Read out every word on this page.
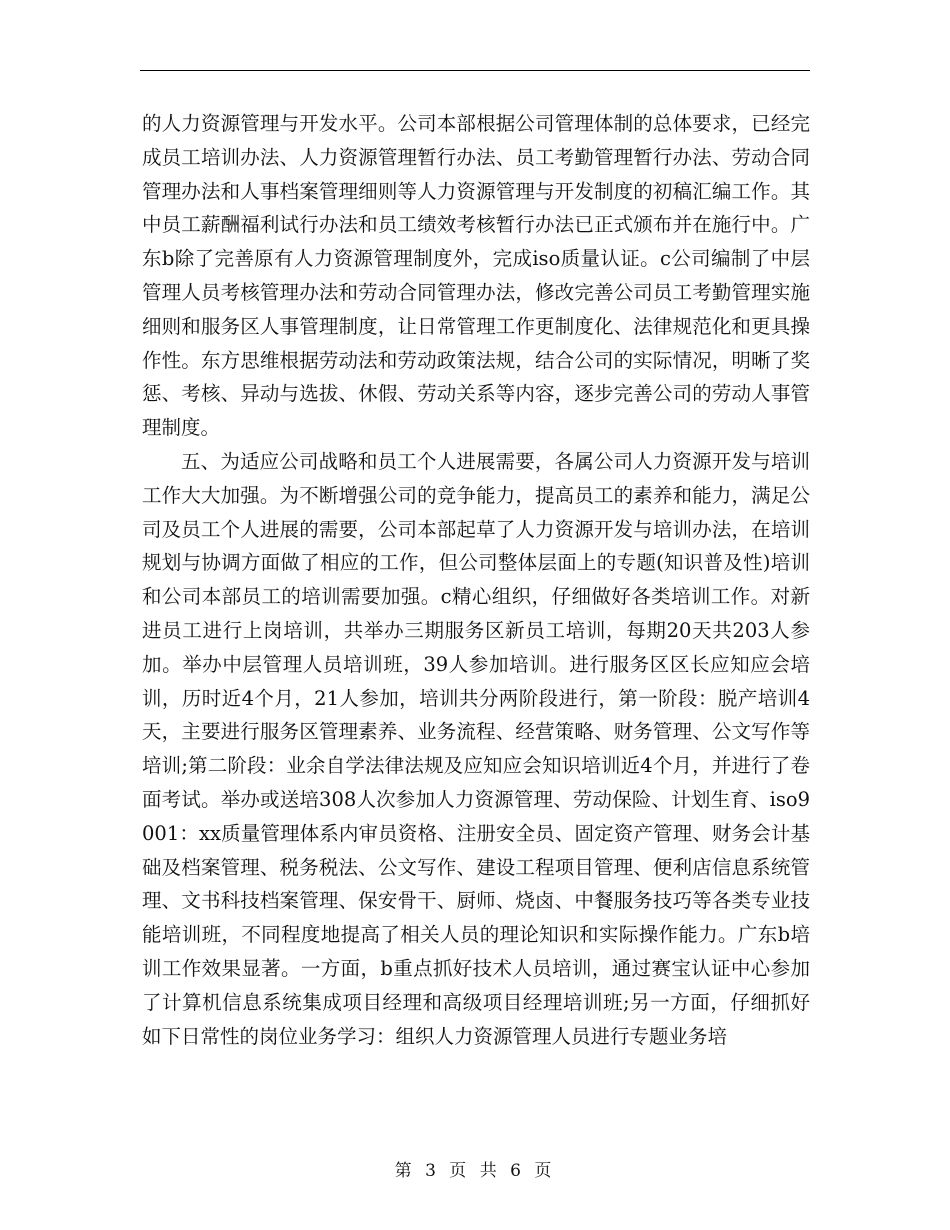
的人力资源管理与开发水平。公司本部根据公司管理体制的总体要求，已经完成员工培训办法、人力资源管理暂行办法、员工考勤管理暂行办法、劳动合同管理办法和人事档案管理细则等人力资源管理与开发制度的初稿汇编工作。其中员工薪酬福利试行办法和员工绩效考核暂行办法已正式颁布并在施行中。广东b除了完善原有人力资源管理制度外，完成iso质量认证。c公司编制了中层管理人员考核管理办法和劳动合同管理办法，修改完善公司员工考勤管理实施细则和服务区人事管理制度，让日常管理工作更制度化、法律规范化和更具操作性。东方思维根据劳动法和劳动政策法规，结合公司的实际情况，明晰了奖惩、考核、异动与选拔、休假、劳动关系等内容，逐步完善公司的劳动人事管理制度。

五、为适应公司战略和员工个人进展需要，各属公司人力资源开发与培训工作大大加强。为不断增强公司的竞争能力，提高员工的素养和能力，满足公司及员工个人进展的需要，公司本部起草了人力资源开发与培训办法，在培训规划与协调方面做了相应的工作，但公司整体层面上的专题(知识普及性)培训和公司本部员工的培训需要加强。c精心组织，仔细做好各类培训工作。对新进员工进行上岗培训，共举办三期服务区新员工培训，每期20天共203人参加。举办中层管理人员培训班，39人参加培训。进行服务区区长应知应会培训，历时近4个月，21人参加，培训共分两阶段进行，第一阶段：脱产培训4天，主要进行服务区管理素养、业务流程、经营策略、财务管理、公文写作等培训;第二阶段：业余自学法律法规及应知应会知识培训近4个月，并进行了卷面考试。举办或送培308人次参加人力资源管理、劳动保险、计划生育、iso9001：xx质量管理体系内审员资格、注册安全员、固定资产管理、财务会计基础及档案管理、税务税法、公文写作、建设工程项目管理、便利店信息系统管理、文书科技档案管理、保安骨干、厨师、烧卤、中餐服务技巧等各类专业技能培训班，不同程度地提高了相关人员的理论知识和实际操作能力。广东b培训工作效果显著。一方面，b重点抓好技术人员培训，通过赛宝认证中心参加了计算机信息系统集成项目经理和高级项目经理培训班;另一方面，仔细抓好如下日常性的岗位业务学习：组织人力资源管理人员进行专题业务培

第 3 页 共 6 页
